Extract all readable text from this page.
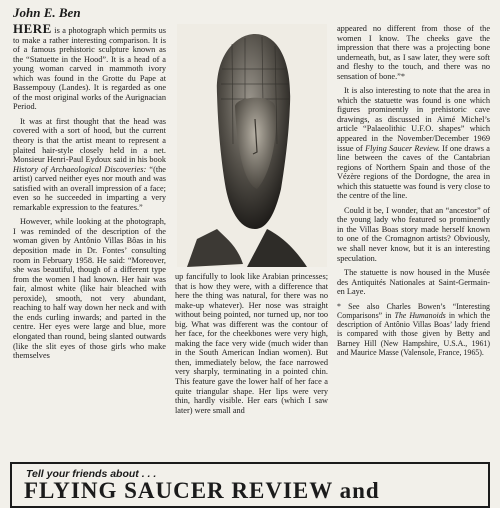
John E. Ben

HERE is a photograph which permits us to make a rather interesting comparison. It is of a famous prehistoric sculpture known as the “Statuette in the Hood”. It is a head of a young woman carved in mammoth ivory which was found in the Grotte du Pape at Bassempouy (Landes). It is regarded as one of the most original works of the Aurignacian Period.

It was at first thought that the head was covered with a sort of hood, but the current theory is that the artist meant to represent a plaited hair-style closely held in a net. Monsieur Henri-Paul Eydoux said in his book History of Archaeological Discoveries: “(the artist) carved neither eyes nor mouth and was satisfied with an overall impression of a face; even so he succeeded in imparting a very remarkable expression to the features.”

However, while looking at the photograph, I was reminded of the description of the woman given by Antônio Villas Bôas in his deposition made in Dr. Fontes’ consulting room in February 1958. He said: “Moreover, she was beautiful, though of a different type from the women I had known. Her hair was fair, almost white (like hair bleached with peroxide), smooth, not very abundant, reaching to half way down her neck and with the ends curling inwards; and parted in the centre. Her eyes were large and blue, more elongated than round, being slanted outwards (like the slit eyes of those girls who make themselves

up fancifully to look like Arabian princesses; that is how they were, with a difference that here the thing was natural, for there was no make-up whatever). Her nose was straight without being pointed, nor turned up, nor too big. What was different was the contour of her face, for the cheekbones were very high, making the face very wide (much wider than in the South American Indian women). But then, immediately below, the face narrowed very sharply, terminating in a pointed chin. This feature gave the lower half of her face a quite triangular shape. Her lips were very thin, hardly visible. Her ears (which I saw later) were small and

appeared no different from those of the women I know. The cheeks gave the impression that there was a projecting bone underneath, but, as I saw later, they were soft and fleshy to the touch, and there was no sensation of bone.”*

It is also interesting to note that the area in which the statuette was found is one which figures prominently in prehistoric cave drawings, as discussed in Aimé Michel’s article “Palaeolithic U.F.O. shapes” which appeared in the November/December 1969 issue of Flying Saucer Review. If one draws a line between the caves of the Cantabrian regions of Northern Spain and those of the Vézère regions of the Dordogne, the area in which this statuette was found is very close to the centre of the line.

Could it be, I wonder, that an “ancestor” of the young lady who featured so prominently in the Villas Boas story made herself known to one of the Cromagnon artists? Obviously, we shall never know, but it is an interesting speculation.

The statuette is now housed in the Musée des Antiquités Nationales at Saint-Germain-en Laye.

* See also Charles Bowen’s “Interesting Comparisons” in The Humanoids in which the description of Antônio Villas Boas’ lady friend is compared with those given by Betty and Barney Hill (New Hampshire, U.S.A., 1961) and Maurice Masse (Valensole, France, 1965).

Tell your friends about . . .
FLYING SAUCER REVIEW and
